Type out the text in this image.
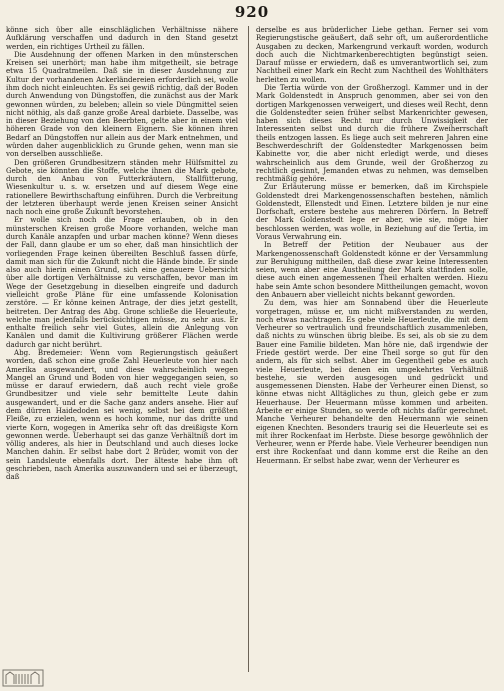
920

könne sich über alle einschläglichen Verhältnisse nähere Aufklärung verschaffen und dadurch in den Stand gesetzt werden, ein richtiges Urtheil zu fällen.

Die Ausdehnung der offenen Marken in den münsterschen Kreisen sei unerhört; man habe ihm mitgetheilt, sie betrage etwa 15 Quadratmeilen. Daß sie in dieser Ausdehnung zur Kultur der vorhandenen Ackerländereien erforderlich sei, wolle ihm doch nicht einleuchten. Es sei gewiß richtig, daß der Boden durch Anwendung von Düngstoffen, die zunächst aus der Mark gewonnen würden, zu beleben; allein so viele Düngmittel seien nicht nöthig, als daß ganze große Areal darbiete. Dasselbe, was in dieser Beziehung von den Beerbten, gelte aber in einem viel höheren Grade von den kleinern Eignern. Sie können ihren Bedarf an Düngstoffen nur allein aus der Mark entnehmen, und würden daher augenblicklich zu Grunde gehen, wenn man sie von derselben ausschließe.

Den größeren Grundbesitzern ständen mehr Hülfsmittel zu Gebote, sie könnten die Stoffe, welche ihnen die Mark gebote, durch den Anbau von Futterkräutern, Stallfütterung, Wiesenkultur u. s. w. ersetzen und auf diesem Wege eine rationellere Bewirthschaftung einführen. Durch die Verbreitung der letzteren überhaupt werde jenen Kreisen seiner Ansicht nach noch eine große Zukunft bevorstehen.

Er wolle sich noch die Frage erlauben, ob in den münsterschen Kreisen große Moore vorhanden, welche man durch Kanäle anzapfen und urbar machen könne? Wenn dieses der Fall, dann glaube er um so eher, daß man hinsichtlich der vorliegenden Frage keinen übereilten Beschluß fassen dürfe, damit man sich für die Zukunft nicht die Hände binde. Er sinde also auch hierin einen Grund, sich eine genauere Uebersicht über alle dortigen Verhältnisse zu verschaffen, bevor man im Wege der Gesetzgebung in dieselben eingreife und dadurch vielleicht große Pläne für eine umfassende Kolonisation zerstöre. — Er könne keinen Antrage, der dies jetzt gestellt, beitreten. Der Antrag des Abg. Grone schließe die Heuerleute, welche man jedenfalls berücksichtigen müsse, zu sehr aus. Er enthalte freilich sehr viel Gutes, allein die Anlegung von Kanälen und damit die Kultivirung größerer Flächen werde dadurch gar nicht berührt.

Abg. Bredemeier: Wenn vom Regierungstisch geäußert worden, daß schon eine große Zahl Heuerleute von hier nach Amerika ausgewandert, und diese wahrscheinlich wegen Mangel an Grund und Boden von hier weggegangen seien, so müsse er darauf erwiedern, daß auch recht viele große Grundbesitzer und viele sehr bemittelte Leute dahin ausgewandert, und er die Sache ganz anders ansehe. Hier auf dem dürren Haidedoden sei wenig, selbst bei dem größten Fleiße, zu erzielen, wenn es hoch komme, nur das dritte und vierte Korn, wogegen in Amerika sehr oft das dreißigste Korn gewonnen werde. Ueberhaupt sei das ganze Verhältniß dort im völlig anderes, als hier in Deutschland und auch dieses locke Manchen dahin. Er selbst habe dort 2 Brüder, womit von der sein Landsleute ebenfalls dort. Der älteste habe ihm oft geschrieben, nach Amerika auszuwandern und sei er überzeugt, daß

derselbe es aus brüderlicher Liebe gethan. Ferner sei vom Regierungstische geäußert, daß sehr oft, um außerordentliche Ausgaben zu decken, Markengrund verkauft worden, wodurch doch auch die Nichtmarkenberechtigten begünstigt seien. Darauf müsse er erwiedern, daß es umverantwortlich sei, zum Nachtheil einer Mark ein Recht zum Nachtheil des Wohlthäters herleiten zu wollen.

Die Tertia würde von der Großherzogl. Kammer und in der Mark Goldenstedt in Anspruch genommen, aber sei von den dortigen Markgenossen verweigert, und dieses weil Recht, denn die Goldenstedter seien früher selbst Markenrichter gewesen, haben sich dieses Recht nur durch Unwissigkeit der Interessenten selbst und durch die frühere Zweiherrschaft theils entzogen lassen. Es liege auch seit mehreren Jahren eine Beschwerdeschrift der Goldenstedter Markgenossen beim Kabinette vor, die aber nicht erledigt werde, und dieses wahrscheinlich aus dem Grunde, weil der Großherzog zu rechtlich gesinnt, Jemanden etwas zu nehmen, was demselben rechtmäßig gehöre.

Zur Erläuterung müsse er bemerken, daß im Kirchspiele Goldenstedt drei Markengenossenschaften bestehen, nämlich Goldenstedt, Ellenstedt und Einen. Letztere bilden je nur eine Dorfschaft, erstere bestehe aus mehreren Dörfern. In Betreff der Mark Goldenstedt lege er aber, wie sie, möge hier beschlossen werden, was wolle, in Beziehung auf die Tertia, im Voraus Verwahrung ein.

In Betreff der Petition der Neubauer aus der Markengenossenschaft Goldenstedt könne er der Versammlung zur Beruhigung mittheilen, daß diese zwar keine Interessenten seien, wenn aber eine Austheilung der Mark stattfinden solle, diese auch einen angemessenen Theil erhalten werden. Hiezu habe sein Amte schon besondere Mittheilungen gemacht, wovon den Anbauern aber vielleicht nichts bekannt geworden.

Zu dem, was hier am Sonnabend über die Heuerleute vorgetragen, müsse er, um nicht mißverstanden zu werden, noch etwas nachtragen. Es gebe viele Heuerleute, die mit dem Verheurer so vertraulich und freundschaftlich zusammenleben, daß nichts zu wünschen übrig bleibe. Es sei, als ob sie zu dem Bauer eine Familie bildeten. Man höre nie, daß irgendwie der Friede gestört werde. Der eine Theil sorge so gut für den andern, als für sich selbst. Aber im Gegentheil gebe es auch viele Heuerleute, bei denen ein umgekehrtes Verhältniß bestehe, sie werden ausgesogen und gedrückt und ausgemessenen Diensten. Habe der Verheurer einen Dienst, so könne etwas nicht Alltägliches zu thun, gleich gebe er zum Heuerhause. Der Heuermann müsse kommen und arbeiten. Arbeite er einige Stunden, so werde oft nichts dafür gerechnet. Manche Verheurer behandelte den Heuermann wie seinen eigenen Knechten. Besonders traurig sei die Heuerleute sei es mit ihrer Rockenfaat im Herbste. Diese besorge gewöhnlich der Verheurer, wenn er Pferde habe. Viele Verheurer beendigen nun erst ihre Rockenfaat und dann komme erst die Reihe an den Heuermann. Er selbst habe zwar, wenn der Verheurer es
